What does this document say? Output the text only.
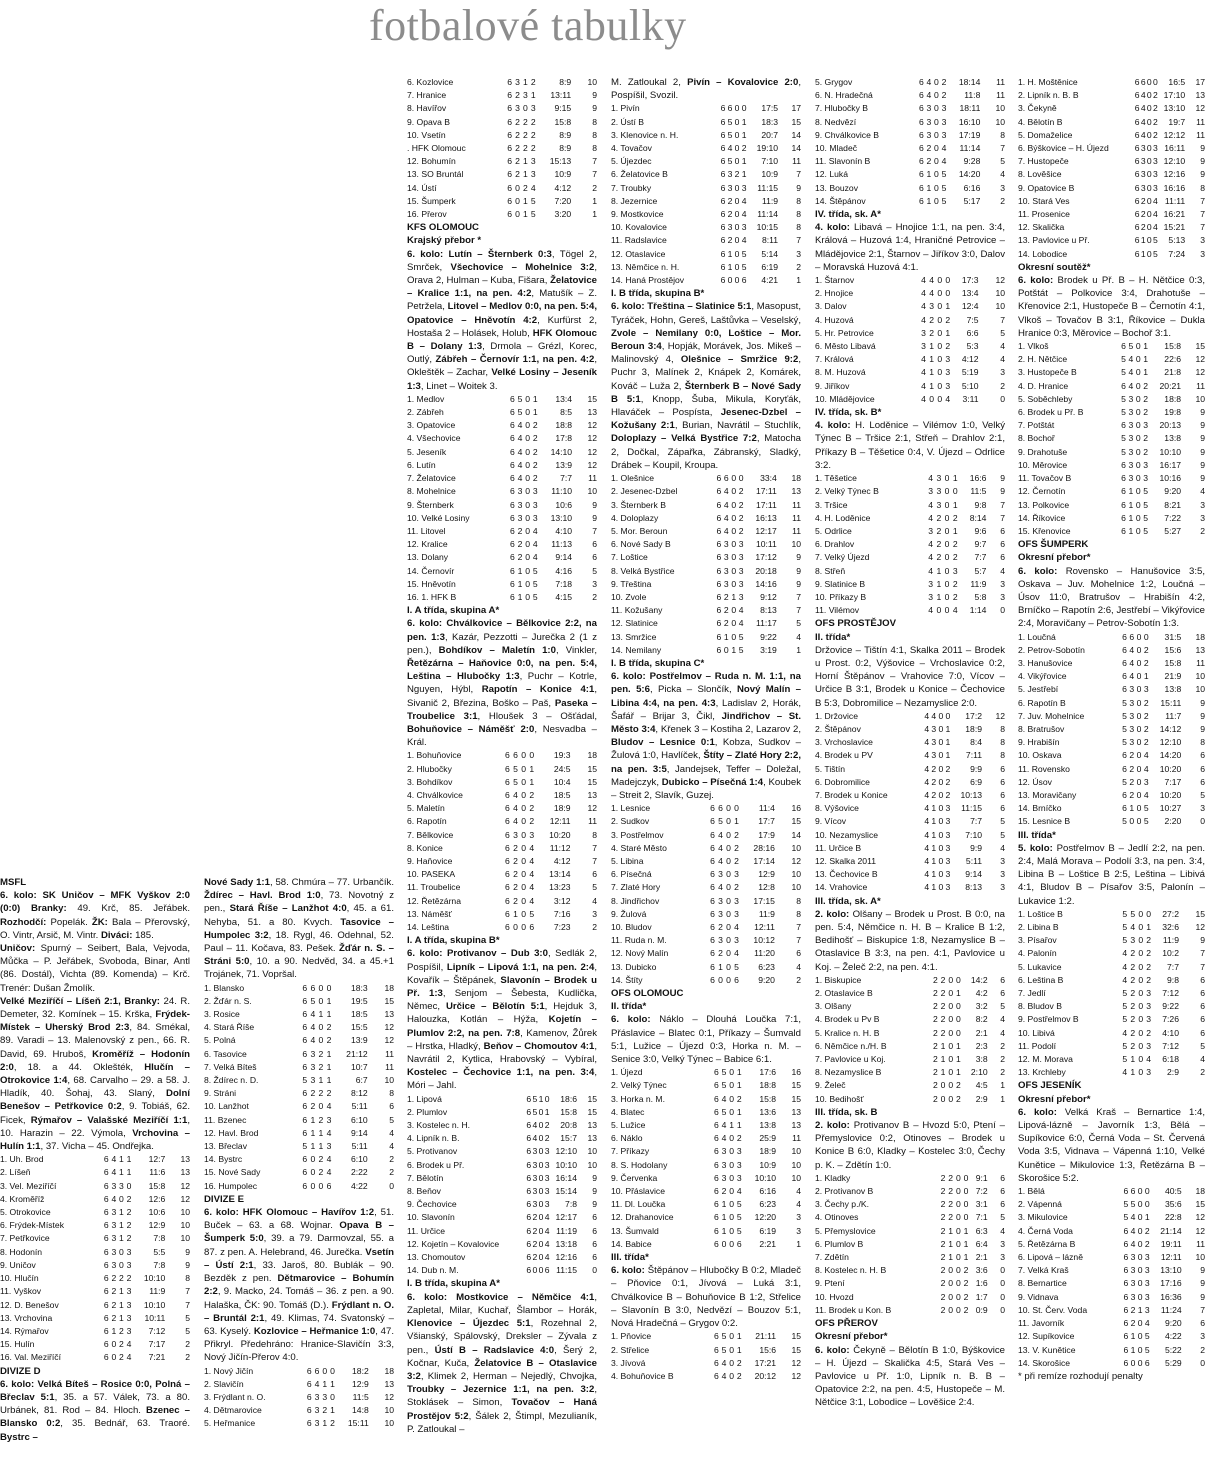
fotbalové tabulky
MSFL

6. kolo: SK Uničov – MFK Vyškov 2:0 (0:0) Branky: 49. Krč, 85. Jeřábek. Rozhodčí: Popelák. ŽK: Bala – Přerovský, O. Vintr, Arsič, M. Vintr. Diváci: 185.

Uničov: Spurný – Seibert, Bala, Vejvoda, Můčka – P. Jeřábek, Svoboda, Binar, Antl (86. Dostál), Vichta (89. Komenda) – Krč. Trenér: Dušan Žmolík.

Velké Meziříčí – Líšeň 2:1, Branky: 24. R. Demeter, 32. Komínek – 15. Krška, Frýdek-Místek – Uherský Brod 2:3, 84. Smékal, 89. Varadi – 13. Malenovský z pen., 66. R. David, 69. Hruboš, Kroměříž – Hodonín 2:0, 18. a 44. Oklešték, Hlučín – Otrokovice 1:4, 68. Carvalho – 29. a 58. J. Hladík, 40. Šohaj, 43. Slaný, Dolní Benešov – Petřkovice 0:2, 9. Tobiáš, 62. Ficek, Rýmařov – Valašské Meziříčí 1:1, 10. Harazin – 22. Výmola, Vrchovina – Hulín 1:1, 37. Vicha – 45. Ondřejka.

1. Uh. Brod	6	4	1	1	12:7	13
2. Líšeň	6	4	1	1	11:6	13
3. Vel. Meziříčí	6	3	3	0	15:8	12
4. Kroměříž	6	4	0	2	12:6	12
5. Otrokovice	6	3	1	2	10:6	10
6. Frýdek-Místek	6	3	1	2	12:9	10
7. Petřkovice	6	3	1	2	7:8	10
8. Hodonín	6	3	0	3	5:5	9
9. Uničov	6	3	0	3	7:8	9
10. Hlučín	6	2	2	2	10:10	8
11. Vyškov	6	2	1	3	11:9	7
12. D. Benešov	6	2	1	3	10:10	7
13. Vrchovina	6	2	1	3	10:11	5
14. Rýmařov	6	1	2	3	7:12	5
15. Hulín	6	0	2	4	7:17	2
16. Val. Meziříčí	6	0	2	4	7:21	2
DIVIZE D

6. kolo: Velká Bíteš – Rosice 0:0, Polná – Břeclav 5:1, 35. a 57. Válek, 73. a 80. Urbánek, 81. Rod – 84. Hloch. Bzenec – Blansko 0:2, 35. Bednář, 63. Traoré. Bystrc –

Nové Sady 1:1, 58. Chmúra – 77. Urbančík. Ždírec – Havl. Brod 1:0, 73. Novotný z pen., Stará Říše – Lanžhot 4:0, 45. a 61. Nehyba, 51. a 80. Kvych. Tasovice – Humpolec 3:2, 18. Rygl, 46. Odehnal, 52. Paul – 11. Kočava, 83. Pešek. Žďár n. S. – Stráni 5:0, 10. a 90. Nedvěd, 34. a 45.+1 Trojánek, 71. Vopršal.

1. Blansko	6	6	0	0	18:3	18
2. Žďár n. S.	6	5	0	1	19:5	15
3. Rosice	6	4	1	1	18:5	13
4. Stará Říše	6	4	0	2	15:5	12
5. Polná	6	4	0	2	13:9	12
6. Tasovice	6	3	2	1	21:12	11
7. Velká Bíteš	6	3	2	1	10:7	11
8. Ždírec n. D.	5	3	1	1	6:7	10
9. Stráni	6	2	2	2	8:12	8
10. Lanžhot	6	2	0	4	5:11	6
11. Bzenec	6	1	2	3	6:10	5
12. Havl. Brod	6	1	1	4	9:14	4
13. Břeclav	5	1	1	3	5:11	4
14. Bystrc	6	0	2	4	6:10	2
15. Nové Sady	6	0	2	4	2:22	2
16. Humpolec	6	0	0	6	4:22	0
DIVIZE E

6. kolo: HFK Olomouc – Havířov 1:2, 51. Buček – 63. a 68. Wojnar. Opava B – Šumperk 5:0, 39. a 79. Darmovzal, 55. a 87. z pen. A. Helebrand, 46. Jurečka. Vsetín – Ústí 2:1, 33. Jaroš, 80. Bublák – 90. Bezděk z pen. Dětmarovice – Bohumín 2:2, 9. Macko, 24. Tomáš – 36. z pen. a 90. Halaška, ČK: 90. Tomáš (D.). Frýdlant n. O. – Bruntál 2:1, 49. Klimas, 74. Svatonský – 63. Kyselý. Kozlovice – Heřmanice 1:0, 47. Přikryl. Předehráno: Hranice-Slavičín 3:3, Nový Jičín-Přerov 4:0.

1. Nový Jičín	6	6	0	0	18:2	18
2. Slavičín	6	4	1	1	12:9	13
3. Frýdlant n. O.	6	3	3	0	11:5	12
4. Dětmarovice	6	3	2	1	14:8	10
5. Heřmanice	6	3	1	2	15:11	10
6. Kozlovice	6	3	1	2	8:9	10
7. Hranice	6	2	3	1	13:11	9
8. Havířov	6	3	0	3	9:15	9
9. Opava B	6	2	2	2	15:8	8
10. Vsetín	6	2	2	2	8:9	8
. HFK Olomouc	6	2	2	2	8:9	8
12. Bohumín	6	2	1	3	15:13	7
13. SO Bruntál	6	2	1	3	10:9	7
14. Ústí	6	0	2	4	4:12	2
15. Šumperk	6	0	1	5	7:20	1
16. Přerov	6	0	1	5	3:20	1
KFS OLOMOUC
Krajský přebor *

6. kolo: Lutín – Šternberk 0:3, Tögel 2, Smrček, Všechovice – Mohelnice 3:2, Orava 2, Hulman – Kuba, Fišara, Želatovice – Kralice 1:1, na pen. 4:2, Matušík – Z. Petrželа, Litovel – Medlov 0:0, na pen. 5:4, Opatovice – Hněvotín 4:2, Kurfürst 2, Hostaša 2 – Holásek, Holub, HFK Olomouc B – Dolany 1:3, Drmola – Grézl, Korec, Outlý, Zábřeh – Černovír 1:1, na pen. 4:2, Okleštěk – Zachar, Velké Losiny – Jeseník 1:3, Linet – Woitek 3.

1. Medlov	6	5	0	1	13:4	15
2. Zábřeh	6	5	0	1	8:5	13
3. Opatovice	6	4	0	2	18:8	12
4. Všechovice	6	4	0	2	17:8	12
5. Jeseník	6	4	0	2	14:10	12
6. Lutín	6	4	0	2	13:9	12
7. Želatovice	6	4	0	2	7:7	11
8. Mohelnice	6	3	0	3	11:10	10
9. Šternberk	6	3	0	3	10:6	9
10. Velké Losiny	6	3	0	3	13:10	9
11. Litovel	6	2	0	4	4:10	7
12. Kralice	6	2	0	4	11:13	6
13. Dolany	6	2	0	4	9:14	6
14. Černovír	6	1	0	5	4:16	5
15. Hněvotín	6	1	0	5	7:18	3
16. 1. HFK B	6	1	0	5	4:15	2
I. A třída, skupina A*

6. kolo: Chválkovice – Bělkovice 2:2, na pen. 1:3, Kazár, Pezzotti – Jurečka 2 (1 z pen.), Bohdíkov – Maletín 1:0, Vinkler, Řetězárna – Haňovice 0:0, na pen. 5:4, Leština – Hlubočky 1:3, Puchr – Kotrle, Nguyen, Hýbl, Rapotín – Konice 4:1, Sivanič 2, Březina, Boško – Paš, Paseka – Troubelice 3:1, Hloušek 3 – Ošťádal, Bohuňovice – Náměšť 2:0, Nesvadba – Král.

1. Bohuňovice	6	6	0	0	19:3	18
2. Hlubočky	6	5	0	1	24:5	15
3. Bohdíkov	6	5	0	1	10:4	15
4. Chválkovice	6	4	0	2	18:5	13
5. Maletín	6	4	0	2	18:9	12
6. Rapotín	6	4	0	2	12:11	11
7. Bělkovice	6	3	0	3	10:20	8
8. Konice	6	2	0	4	11:12	7
9. Haňovice	6	2	0	4	4:12	7
10. PASEKA	6	2	0	4	13:14	6
11. Troubelice	6	2	0	4	13:23	5
12. Řetězárna	6	2	0	4	3:12	4
13. Náměšť	6	1	0	5	7:16	3
14. Leština	6	0	0	6	7:23	2
I. A třída, skupina B*

6. kolo: Protivanov – Dub 3:0, Sedlák 2, Pospíšil, Lipník – Lipová 1:1, na pen. 2:4, Kovařík – Štěpánek, Slavonín – Brodek u Př. 1:3, Senjom – Šebesta, Kudlička, Němec, Určice – Bělotín 5:1, Hejduk 3, Halouzka, Kotlán – Hýža, Kojetín – Plumlov 2:2, na pen. 7:8, Kamenov, Žůrek – Hrstka, Hladký, Beňov – Chomoutov 4:1, Navrátil 2, Kytlica, Hrabovský – Vybíral, Kostelec – Čechovice 1:1, na pen. 3:4, Móri – Jahl.

1. Lipová	6	5	1	0	18:6	15
2. Plumlov	6	5	0	1	15:8	15
3. Kostelec n. H.	6	4	0	2	20:8	13
4. Lipník n. B.	6	4	0	2	15:7	13
5. Protivanov	6	3	0	3	12:10	10
6. Brodek u Př.	6	3	0	3	10:10	10
7. Bělotín	6	3	0	3	16:14	9
8. Beňov	6	3	0	3	15:14	9
9. Čechovice	6	3	0	3	7:8	9
10. Slavonín	6	2	0	4	12:17	6
11. Určice	6	2	0	4	11:19	6
12. Kojetín – Kovalovice	6	2	0	4	13:18	6
13. Chomoutov	6	2	0	4	12:16	6
14. Dub n. M.	6	0	0	6	11:15	0
I. B třída, skupina A*

6. kolo: Mostkovice – Němčice 4:1, Zapletal, Milar, Kuchař, Šlambor – Horák, Klenovice – Újezdec 5:1, Rozehnal 2, Všianský, Spálovský, Dreksler – Zývala z pen., Ústí B – Radslavice 4:0, Šerý 2, Kočnar, Kuča, Želatovice B – Otaslavice 3:2, Klimek 2, Herman – Nejedlý, Chvojka, Troubky – Jezernice 1:1, na pen. 3:2, Stoklásek – Simon, Tovačov – Haná Prostějov 5:2, Šálek 2, Štimpl, Mezulianík, P. Zatloukal –

M. Zatloukal 2, Pivín – Kovalovice 2:0, Pospíšil, Svozil.

1. Pivín	6	6	0	0	17:5	17
2. Ústí B	6	5	0	1	18:3	15
3. Klenovice n. H.	6	5	0	1	20:7	14
4. Tovačov	6	4	0	2	19:10	14
5. Újezdec	6	5	0	1	7:10	11
6. Želatovice B	6	3	2	1	10:9	7
7. Troubky	6	3	0	3	11:15	9
8. Jezernice	6	2	0	4	11:9	8
9. Mostkovice	6	2	0	4	11:14	8
10. Kovalovice	6	3	0	3	10:15	8
11. Radslavice	6	2	0	4	8:11	7
12. Otaslavice	6	1	0	5	5:14	3
13. Němčice n. H.	6	1	0	5	6:19	2
14. Haná Prostějov	6	0	0	6	4:21	1
I. B třída, skupina B*

6. kolo: Třeština – Slatinice 5:1, Masopust, Tyráček, Hohn, Gereš, Laštůvka – Veselský, Zvole – Nemilany 0:0, Loštice – Mor. Beroun 3:4, Hopják, Morávek, Jos. Mikeš – Malinovský 4, Olešnice – Smržice 9:2, Puchr 3, Malínek 2, Knápek 2, Komárek, Kováč – Luža 2, Šternberk B – Nové Sady B 5:1, Knopp, Šuba, Mikula, Koryťák, Hlaváček – Pospísta, Jesenec-Dzbel – Kožušany 2:1, Burian, Navrátil – Stuchlík, Doloplazy – Velká Bystřice 7:2, Matocha 2, Dočkal, Zápařka, Zábranský, Sladký, Drábek – Koupil, Kroupa.

1. Olešnice	6	6	0	0	33:4	18
2. Jesenec-Dzbel	6	4	0	2	17:11	13
3. Šternberk B	6	4	0	2	17:11	11
4. Doloplazy	6	4	0	2	16:13	11
5. Mor. Beroun	6	4	0	2	12:17	11
6. Nové Sady B	6	3	0	3	10:11	10
7. Loštice	6	3	0	3	17:12	9
8. Velká Bystřice	6	3	0	3	20:18	9
9. Třeština	6	3	0	3	14:16	9
10. Zvole	6	2	1	3	9:12	7
11. Kožušany	6	2	0	4	8:13	7
12. Slatinice	6	2	0	4	11:17	5
13. Smržice	6	1	0	5	9:22	4
14. Nemilany	6	0	1	5	3:19	1
I. B třída, skupina C*

6. kolo: Postřelmov – Ruda n. M. 1:1, na pen. 5:6, Picka – Slončík, Nový Malín – Libina 4:4, na pen. 4:3, Ladislav 2, Horák, Šafář – Brijar 3, Čikl, Jindřichov – St. Město 3:4, Křenek 3 – Kostiha 2, Lazarov 2, Bludov – Lesnice 0:1, Kobza, Sudkov – Žulová 1:0, Havlíček, Štíty – Zlaté Hory 2:2, na pen. 3:5, Jandejsek, Teffer – Doležal, Madejczyk, Dubicko – Písečná 1:4, Koubek – Streit 2, Slavík, Guzej.

1. Lesnice	6	6	0	0	11:4	16
2. Sudkov	6	5	0	1	17:7	15
3. Postřelmov	6	4	0	2	17:9	14
4. Staré Město	6	4	0	2	28:16	10
5. Libina	6	4	0	2	17:14	12
6. Písečná	6	3	0	3	12:9	10
7. Zlaté Hory	6	4	0	2	12:8	10
8. Jindřichov	6	3	0	3	17:15	8
9. Žulová	6	3	0	3	11:9	8
10. Bludov	6	2	0	4	12:11	7
11. Ruda n. M.	6	3	0	3	10:12	7
12. Nový Malín	6	2	0	4	11:20	6
13. Dubicko	6	1	0	5	6:23	4
14. Štíty	6	0	0	6	9:20	2
OFS OLOMOUC
II. třída*

6. kolo: Náklo – Dlouhá Loučka 7:1, Přáslavice – Blatec 0:1, Příkazy – Šumvald 5:1, Lužice – Újezd 0:3, Horka n. M. – Senice 3:0, Velký Týnec – Babice 6:1.

1. Újezd	6	5	0	1	17:6	16
2. Velký Týnec	6	5	0	1	18:8	15
3. Horka n. M.	6	4	0	2	15:8	15
4. Blatec	6	5	0	1	13:6	13
5. Lužice	6	4	1	1	13:8	13
6. Náklo	6	4	0	2	25:9	11
7. Příkazy	6	3	0	3	18:9	10
8. S. Hodolany	6	3	0	3	10:9	10
9. Červenka	6	3	0	3	10:10	10
10. Přáslavice	6	2	0	4	6:16	4
11. Dl. Loučka	6	1	0	5	6:23	4
12. Drahanovice	6	1	0	5	12:20	3
13. Šumvald	6	1	0	5	6:19	3
14. Babice	6	0	0	6	2:21	1
III. třída*

6. kolo: Štěpánov – Hlubočky B 0:2, Mladeč – Pňovice 0:1, Jívová – Luká 3:1, Chválkovice B – Bohuňovice B 1:2, Střelice – Slavonín B 3:0, Nedvězí – Bouzov 5:1, Nová Hradečná – Grygov 0:2.

1. Pňovice	6	5	0	1	21:11	15
2. Střelice	6	5	0	1	15:6	15
3. Jívová	6	4	0	2	17:21	12
4. Bohuňovice B	6	4	0	2	20:12	12
5. Grygov	6	4	0	2	18:14	11
6. N. Hradečná	6	4	0	2	11:8	11
7. Hlubočky B	6	3	0	3	18:11	10
8. Nedvězí	6	3	0	3	16:10	10
9. Chválkovice B	6	3	0	3	17:19	8
10. Mladeč	6	2	0	4	11:14	7
11. Slavonín B	6	2	0	4	9:28	5
12. Luká	6	1	0	5	14:20	4
13. Bouzov	6	1	0	5	6:16	3
14. Štěpánov	6	1	0	5	5:17	2
IV. třída, sk. A*

4. kolo: Libavá – Hnojice 1:1, na pen. 3:4, Králová – Huzová 1:4, Hraničné Petrovice – Mládějovice 2:1, Štarnov – Jiříkov 3:0, Dalov – Moravská Huzová 4:1.

1. Štarnov	4	4	0	0	17:3	12
2. Hnojice	4	4	0	0	13:4	10
3. Dalov	4	3	0	1	12:4	10
4. Huzová	4	2	0	2	7:5	7
5. Hr. Petrovice	3	2	0	1	6:6	5
6. Město Libavá	3	1	0	2	5:3	4
7. Králová	4	1	0	3	4:12	4
8. M. Huzová	4	1	0	3	5:19	3
9. Jiříkov	4	1	0	3	5:10	2
10. Mládějovice	4	0	0	4	3:11	0
IV. třída, sk. B*

4. kolo: H. Loděnice – Vilémov 1:0, Velký Týnec B – Tršice 2:1, Střeň – Drahlov 2:1, Příkazy B – Těšetice 0:4, V. Újezd – Odrlice 3:2.

1. Těšetice	4	3	0	1	16:6	9
2. Velký Týnec B	3	3	0	0	11:5	9
3. Tršice	4	3	0	1	9:8	7
4. H. Loděnice	4	2	0	2	8:14	7
5. Odrlice	3	2	0	1	9:6	6
6. Drahlov	4	2	0	2	9:7	6
7. Velký Újezd	4	2	0	2	7:7	6
8. Střeň	4	1	0	3	5:7	4
9. Slatinice B	3	1	0	2	11:9	3
10. Příkazy B	3	1	0	2	5:8	3
11. Vilémov	4	0	0	4	1:14	0
OFS PROSTĚJOV
II. třída*

Držovice – Tištín 4:1, Skalka 2011 – Brodek u Prost. 0:2, Výšovice – Vrchoslavice 0:2, Horní Štěpánov – Vrahovice 7:0, Vícov – Určice B 3:1, Brodek u Konice – Čechovice B 5:3, Dobromilice – Nezamyslice 2:0.

1. Držovice	4	4	0	0	17:2	12
2. Štěpánov	4	3	0	1	18:9	8
3. Vrchoslavice	4	3	0	1	8:4	8
4. Brodek u PV	4	3	0	1	7:11	8
5. Tištín	4	2	0	2	9:9	6
6. Dobromilice	4	2	0	2	6:9	6
7. Brodek u Konice	4	2	0	2	10:13	6
8. Výšovice	4	1	0	3	11:15	6
9. Vícov	4	1	0	3	7:7	5
10. Nezamyslice	4	1	0	3	7:10	5
11. Určice B	4	1	0	3	9:9	4
12. Skalka 2011	4	1	0	3	5:11	3
13. Čechovice B	4	1	0	3	9:14	3
14. Vrahovice	4	1	0	3	8:13	3
III. třída, sk. A*

2. kolo: Olšany – Brodek u Prost. B 0:0, na pen. 5:4, Němčice n. H. B – Kralice B 1:2, Bedihošť – Biskupice 1:8, Nezamyslice B – Otaslavice B 3:3, na pen. 4:1, Pavlovice u Koj. – Želeč 2:2, na pen. 4:1.

1. Biskupice	2	2	0	0	14:2	6
2. Otaslavice B	2	2	0	1	4:2	6
3. Olšany	2	2	0	0	3:2	5
4. Brodek u Pv B	2	2	0	0	8:2	4
5. Kralice n. H. B	2	2	0	0	2:1	4
6. Němčice n./H. B	2	1	0	1	2:3	2
7. Pavlovice u Koj.	2	1	0	1	3:8	2
8. Nezamyslice B	2	1	0	1	2:10	2
9. Želeč	2	0	0	2	4:5	1
10. Bedihošť	2	0	0	2	2:9	1
III. třída, sk. B

2. kolo: Protivanov B – Hvozd 5:0, Ptení – Přemyslovice 0:2, Otinoves – Brodek u Konice B 6:0, Kladky – Kostelec 3:0, Čechy p. K. – Zdětín 1:0.

1. Kladky	2	2	0	0	9:1	6
2. Protivanov B	2	2	0	0	7:2	6
3. Čechy p./K.	2	2	0	0	3:1	6
4. Otinoves	2	2	0	0	7:1	5
5. Přemyslovice	2	1	0	1	6:3	4
6. Plumlov B	2	1	0	1	6:4	3
7. Zdětín	2	1	0	1	2:1	3
8. Kostelec n. H. B	2	0	0	2	3:6	0
9. Ptení	2	0	0	2	1:6	0
10. Hvozd	2	0	0	2	1:7	0
11. Brodek u Kon. B	2	0	0	2	0:9	0
OFS PŘEROV
Okresní přebor*

6. kolo: Čekyně – Bělotín B 1:0, Býškovice – H. Újezd – Skalička 4:5, Stará Ves – Pavlovice u Př. 1:0, Lipník n. B. B – Opatovice 2:2, na pen. 4:5, Hustopeče – M. Nětčice 3:1, Lobodice – Lověšice 2:4.

1. H. Moštěnice	6	6	0	0	16:5	17
2. Lipník n. B. B	6	4	0	2	17:10	13
3. Čekyně	6	4	0	2	13:10	12
4. Bělotín B	6	4	0	2	19:7	11
5. Domaželice	6	4	0	2	12:12	11
6. Býškovice – H. Újezd	6	3	0	3	16:11	9
7. Hustopeče	6	3	0	3	12:10	9
8. Lověšice	6	3	0	3	12:16	9
9. Opatovice B	6	3	0	3	16:16	8
10. Stará Ves	6	2	0	4	11:11	7
11. Prosenice	6	2	0	4	16:21	7
12. Skalička	6	2	0	4	15:21	7
13. Pavlovice u Př.	6	1	0	5	5:13	3
14. Lobodice	6	1	0	5	7:24	3
Okresní soutěž*

6. kolo: Brodek u Př. B – H. Nětčice 0:3, Potštát – Polkovice 3:4, Drahotuše – Křenovice 2:1, Hustopeče B – Černotín 4:1, Vlkoš – Tovačov B 3:1, Říkovice – Dukla Hranice 0:3, Měrovice – Bochoř 3:1.

1. Vlkoš	6	5	0	1	15:8	15
2. H. Nětčice	5	4	0	1	22:6	12
3. Hustopeče B	5	4	0	1	21:8	12
4. D. Hranice	6	4	0	2	20:21	11
5. Soběchleby	5	3	0	2	18:8	10
6. Brodek u Př. B	5	3	0	2	19:8	9
7. Potštát	6	3	0	3	20:13	9
8. Bochoř	5	3	0	2	13:8	9
9. Drahotuše	5	3	0	2	10:10	9
10. Měrovice	6	3	0	3	16:17	9
11. Tovačov B	6	3	0	3	10:16	9
12. Černotín	6	1	0	5	9:20	4
13. Polkovice	6	1	0	5	8:21	3
14. Říkovice	6	1	0	5	7:22	3
15. Křenovice	6	1	0	5	5:27	2
OFS ŠUMPERK
Okresní přebor*

6. kolo: Rovensko – Hanušovice 3:5, Oskava – Juv. Mohelnice 1:2, Loučná – Úsov 11:0, Bratrušov – Hrabišín 4:2, Brníčko – Rapotín 2:6, Jestřebí – Vikýřovice 2:4, Moravičany – Petrov-Sobotín 1:3.

1. Loučná	6	6	0	0	31:5	18
2. Petrov-Sobotín	6	4	0	2	15:6	13
3. Hanušovice	6	4	0	2	15:8	11
4. Vikýřovice	6	4	0	1	21:9	10
5. Jestřebí	6	3	0	3	13:8	10
6. Rapotín B	5	3	0	2	15:11	9
7. Juv. Mohelnice	5	3	0	2	11:7	9
8. Bratrušov	5	3	0	2	14:12	9
9. Hrabišín	5	3	0	2	12:10	8
10. Oskava	6	2	0	4	14:20	6
11. Rovensko	6	2	0	4	10:20	6
12. Úsov	5	2	0	3	7:17	6
13. Moravičany	6	2	0	4	10:20	5
14. Brníčko	6	1	0	5	10:27	3
15. Lesnice B	5	0	0	5	2:20	0
III. třída*

5. kolo: Postřelmov B – Jedlí 2:2, na pen. 2:4, Malá Morava – Podolí 3:3, na pen. 3:4, Libina B – Loštice B 2:5, Leština – Libivá 4:1, Bludov B – Písařov 3:5, Palonín – Lukavice 1:2.

1. Loštice B	5	5	0	0	27:2	15
2. Libina B	5	4	0	1	32:6	12
3. Písařov	5	3	0	2	11:9	9
4. Palonín	4	2	0	2	10:2	7
5. Lukavice	4	2	0	2	7:7	7
6. Leština B	4	2	0	2	9:8	6
7. Jedlí	5	2	0	3	7:12	6
8. Bludov B	5	2	0	3	9:22	6
9. Postřelmov B	5	2	0	3	7:26	6
10. Libivá	4	2	0	2	4:10	6
11. Podolí	5	2	0	3	7:12	5
12. M. Morava	5	1	0	4	6:18	4
13. Krchleby	4	1	0	3	2:9	2
OFS JESENÍK
Okresní přebor*

6. kolo: Velká Kraš – Bernartice 1:4, Lipová-lázně – Javorník 1:3, Bělá – Supíkovice 6:0, Černá Voda – St. Červená Voda 3:5, Vidnava – Vápenná 1:10, Velké Kunětice – Mikulovice 1:3, Řetězárna B – Skorošice 5:2.

1. Bělá	6	6	0	0	40:5	18
2. Vápenná	5	5	0	0	35:6	15
3. Mikulovice	5	4	0	1	22:8	12
4. Černá Voda	6	4	0	2	21:14	12
5. Řetězárna B	6	4	0	2	19:11	11
6. Lipová – lázně	6	3	0	3	12:11	10
7. Velká Kraš	6	3	0	3	13:10	9
8. Bernartice	6	3	0	3	17:16	9
9. Vidnava	6	3	0	3	16:36	9
10. St. Červ. Voda	6	2	1	3	11:24	7
11. Javorník	6	2	0	4	9:20	6
12. Supíkovice	6	1	0	5	4:22	3
13. V. Kunětice	6	1	0	5	5:22	2
14. Skorošice	6	0	0	6	5:29	0

* při remíze rozhodují penalty
